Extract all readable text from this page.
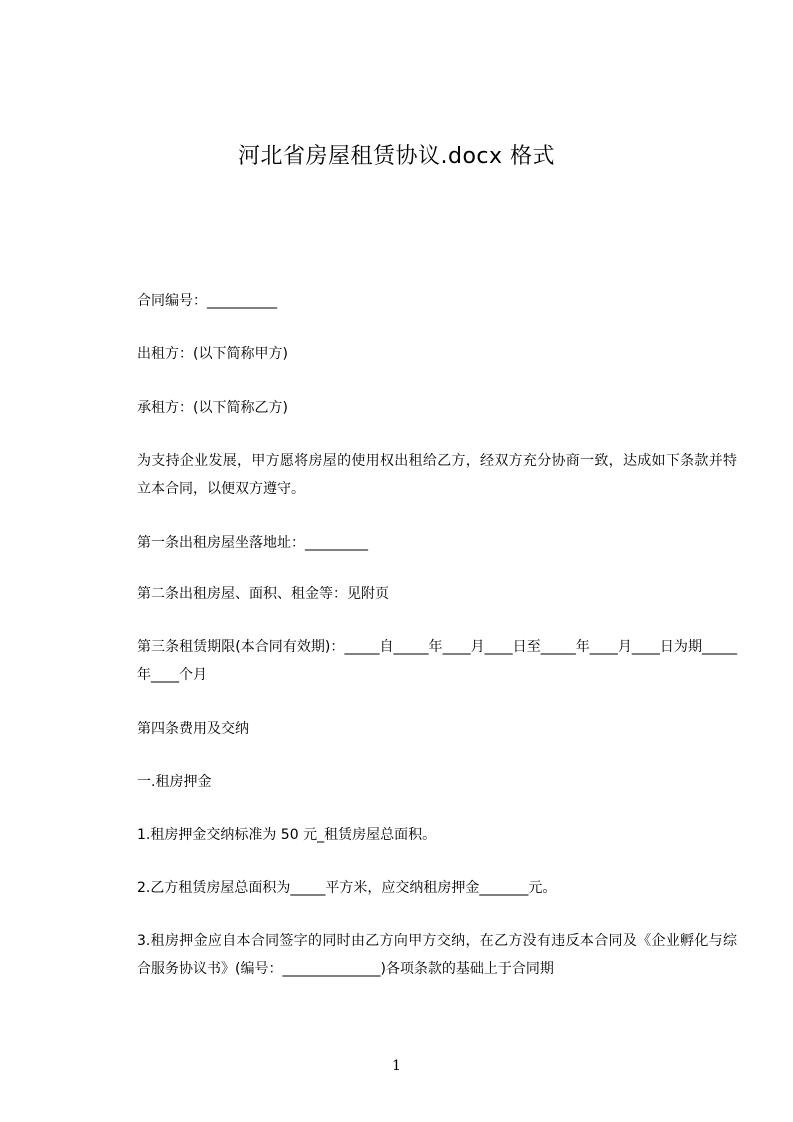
河北省房屋租赁协议.docx 格式
合同编号：__________
出租方：(以下简称甲方)
承租方：(以下简称乙方)
为支持企业发展，甲方愿将房屋的使用权出租给乙方，经双方充分协商一致，达成如下条款并特立本合同，以便双方遵守。
第一条出租房屋坐落地址：_________
第二条出租房屋、面积、租金等：见附页
第三条租赁期限(本合同有效期)：_____自_____年____月____日至_____年____月____日为期_____年____个月
第四条费用及交纳
一.租房押金
1.租房押金交纳标准为 50 元_租赁房屋总面积。
2.乙方租赁房屋总面积为_____平方米，应交纳租房押金_______元。
3.租房押金应自本合同签字的同时由乙方向甲方交纳，在乙方没有违反本合同及《企业孵化与综合服务协议书》(编号：______________)各项条款的基础上于合同期
1
